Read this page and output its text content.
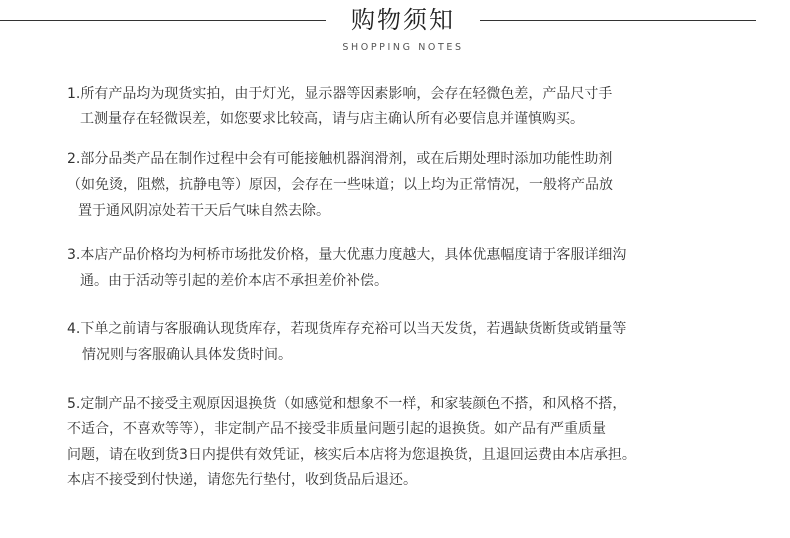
购物须知
SHOPPING NOTES
1.所有产品均为现货实拍，由于灯光，显示器等因素影响，会存在轻微色差，产品尺寸手
工测量存在轻微误差，如您要求比较高，请与店主确认所有必要信息并谨慎购买。
2.部分品类产品在制作过程中会有可能接触机器润滑剂，或在后期处理时添加功能性助剂
（如免烫，阻燃，抗静电等）原因，会存在一些味道；以上均为正常情况，一般将产品放
置于通风阴凉处若干天后气味自然去除。
3.本店产品价格均为柯桥市场批发价格，量大优惠力度越大，具体优惠幅度请于客服详细沟
通。由于活动等引起的差价本店不承担差价补偿。
4.下单之前请与客服确认现货库存，若现货库存充裕可以当天发货，若遇缺货断货或销量等
情况则与客服确认具体发货时间。
5.定制产品不接受主观原因退换货（如感觉和想象不一样，和家装颜色不搭，和风格不搭，
不适合，不喜欢等等），非定制产品不接受非质量问题引起的退换货。如产品有严重质量
问题，请在收到货3日内提供有效凭证，核实后本店将为您退换货，且退回运费由本店承担。
本店不接受到付快递，请您先行垫付，收到货品后退还。
